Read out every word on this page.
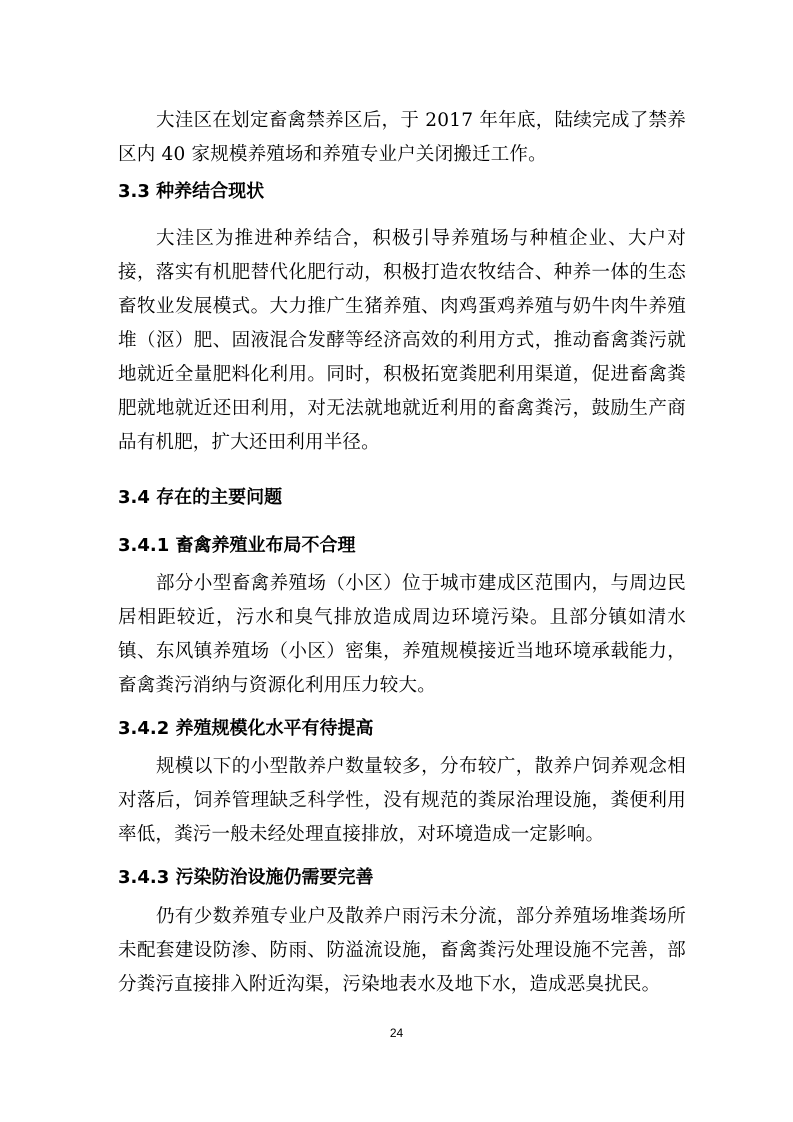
大洼区在划定畜禽禁养区后，于 2017 年年底，陆续完成了禁养区内 40 家规模养殖场和养殖专业户关闭搬迁工作。

3.3 种养结合现状

大洼区为推进种养结合，积极引导养殖场与种植企业、大户对接，落实有机肥替代化肥行动，积极打造农牧结合、种养一体的生态畜牧业发展模式。大力推广生猪养殖、肉鸡蛋鸡养殖与奶牛肉牛养殖堆（沤）肥、固液混合发酵等经济高效的利用方式，推动畜禽粪污就地就近全量肥料化利用。同时，积极拓宽粪肥利用渠道，促进畜禽粪肥就地就近还田利用，对无法就地就近利用的畜禽粪污，鼓励生产商品有机肥，扩大还田利用半径。

3.4 存在的主要问题
3.4.1 畜禽养殖业布局不合理

部分小型畜禽养殖场（小区）位于城市建成区范围内，与周边民居相距较近，污水和臭气排放造成周边环境污染。且部分镇如清水镇、东风镇养殖场（小区）密集，养殖规模接近当地环境承载能力，畜禽粪污消纳与资源化利用压力较大。

3.4.2 养殖规模化水平有待提高

规模以下的小型散养户数量较多，分布较广，散养户饲养观念相对落后，饲养管理缺乏科学性，没有规范的粪尿治理设施，粪便利用率低，粪污一般未经处理直接排放，对环境造成一定影响。

3.4.3 污染防治设施仍需要完善

仍有少数养殖专业户及散养户雨污未分流，部分养殖场堆粪场所未配套建设防渗、防雨、防溢流设施，畜禽粪污处理设施不完善，部分粪污直接排入附近沟渠，污染地表水及地下水，造成恶臭扰民。

24
